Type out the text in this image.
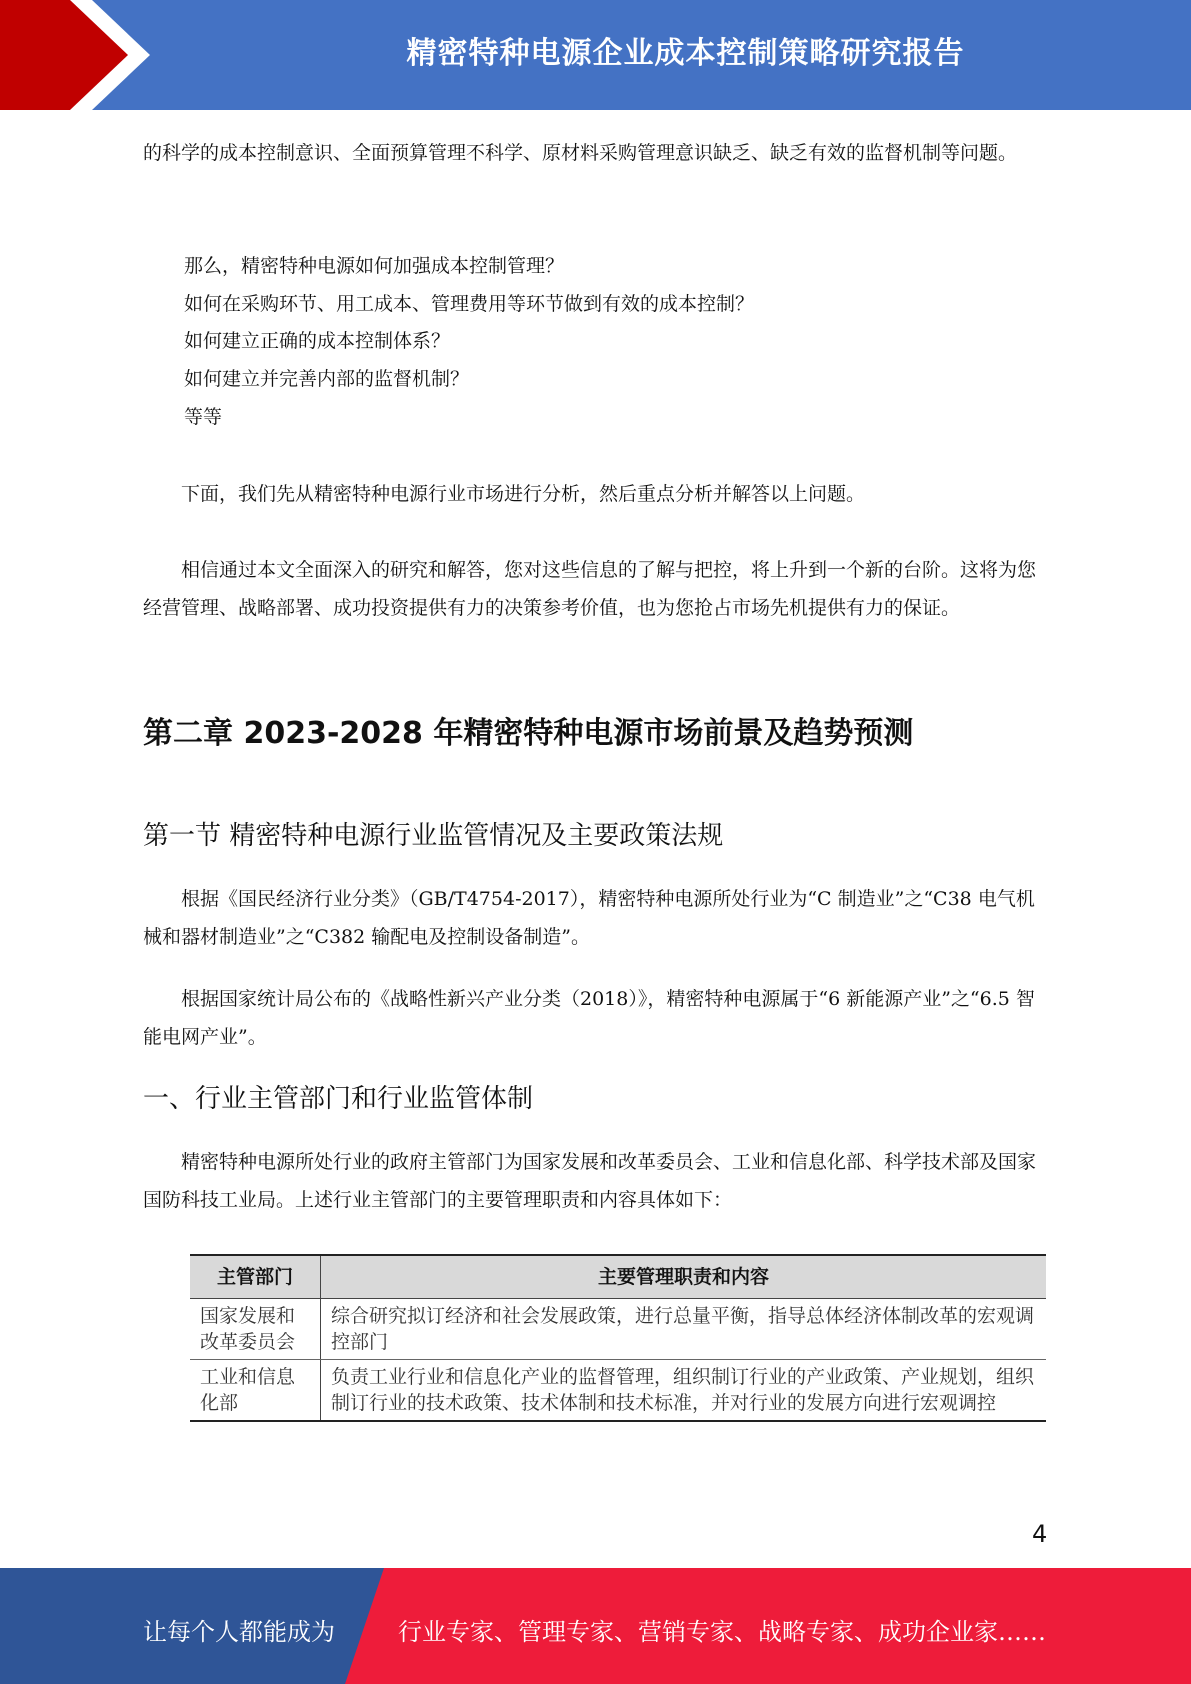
精密特种电源企业成本控制策略研究报告

的科学的成本控制意识、全面预算管理不科学、原材料采购管理意识缺乏、缺乏有效的监督机制等问题。

那么，精密特种电源如何加强成本控制管理？
如何在采购环节、用工成本、管理费用等环节做到有效的成本控制？
如何建立正确的成本控制体系？
如何建立并完善内部的监督机制？
等等

下面，我们先从精密特种电源行业市场进行分析，然后重点分析并解答以上问题。

相信通过本文全面深入的研究和解答，您对这些信息的了解与把控，将上升到一个新的台阶。这将为您经营管理、战略部署、成功投资提供有力的决策参考价值，也为您抢占市场先机提供有力的保证。

第二章 2023-2028 年精密特种电源市场前景及趋势预测
第一节 精密特种电源行业监管情况及主要政策法规

根据《国民经济行业分类》（GB/T4754-2017），精密特种电源所处行业为“C 制造业”之“C38 电气机械和器材制造业”之“C382 输配电及控制设备制造”。

根据国家统计局公布的《战略性新兴产业分类（2018）》，精密特种电源属于“6 新能源产业”之“6.5 智能电网产业”。

一、行业主管部门和行业监管体制

精密特种电源所处行业的政府主管部门为国家发展和改革委员会、工业和信息化部、科学技术部及国家国防科技工业局。上述行业主管部门的主要管理职责和内容具体如下：

主管部门	主要管理职责和内容
国家发展和改革委员会	综合研究拟订经济和社会发展政策，进行总量平衡，指导总体经济体制改革的宏观调控部门
工业和信息化部	负责工业行业和信息化产业的监督管理，组织制订行业的产业政策、产业规划，组织制订行业的技术政策、技术体制和技术标准，并对行业的发展方向进行宏观调控
4
让每个人都能成为	行业专家、管理专家、营销专家、战略专家、成功企业家……
